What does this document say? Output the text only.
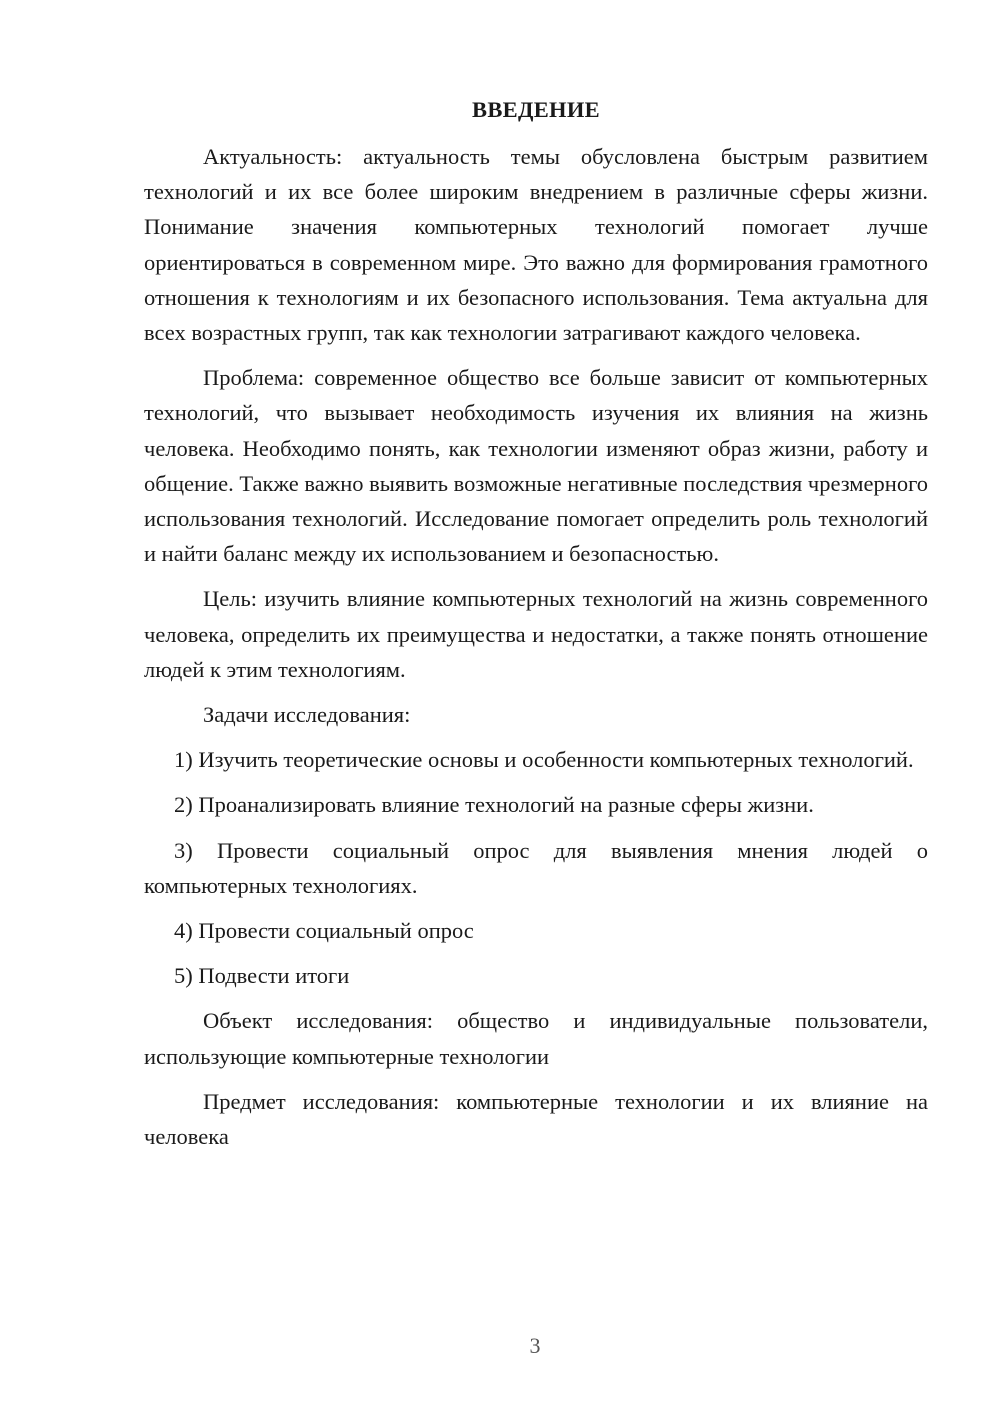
ВВЕДЕНИЕ

Актуальность: актуальность темы обусловлена быстрым развитием технологий и их все более широким внедрением в различные сферы жизни. Понимание значения компьютерных технологий помогает лучше ориентироваться в современном мире. Это важно для формирования грамотного отношения к технологиям и их безопасного использования. Тема актуальна для всех возрастных групп, так как технологии затрагивают каждого человека.

Проблема: современное общество все больше зависит от компьютерных технологий, что вызывает необходимость изучения их влияния на жизнь человека. Необходимо понять, как технологии изменяют образ жизни, работу и общение. Также важно выявить возможные негативные последствия чрезмерного использования технологий. Исследование помогает определить роль технологий и найти баланс между их использованием и безопасностью.

Цель: изучить влияние компьютерных технологий на жизнь современного человека, определить их преимущества и недостатки, а также понять отношение людей к этим технологиям.

Задачи исследования:

1) Изучить теоретические основы и особенности компьютерных технологий.

2) Проанализировать влияние технологий на разные сферы жизни.

3) Провести социальный опрос для выявления мнения людей о компьютерных технологиях.

4) Провести социальный опрос

5) Подвести итоги

Объект исследования: общество и индивидуальные пользователи, использующие компьютерные технологии

Предмет исследования: компьютерные технологии и их влияние на человека

3
